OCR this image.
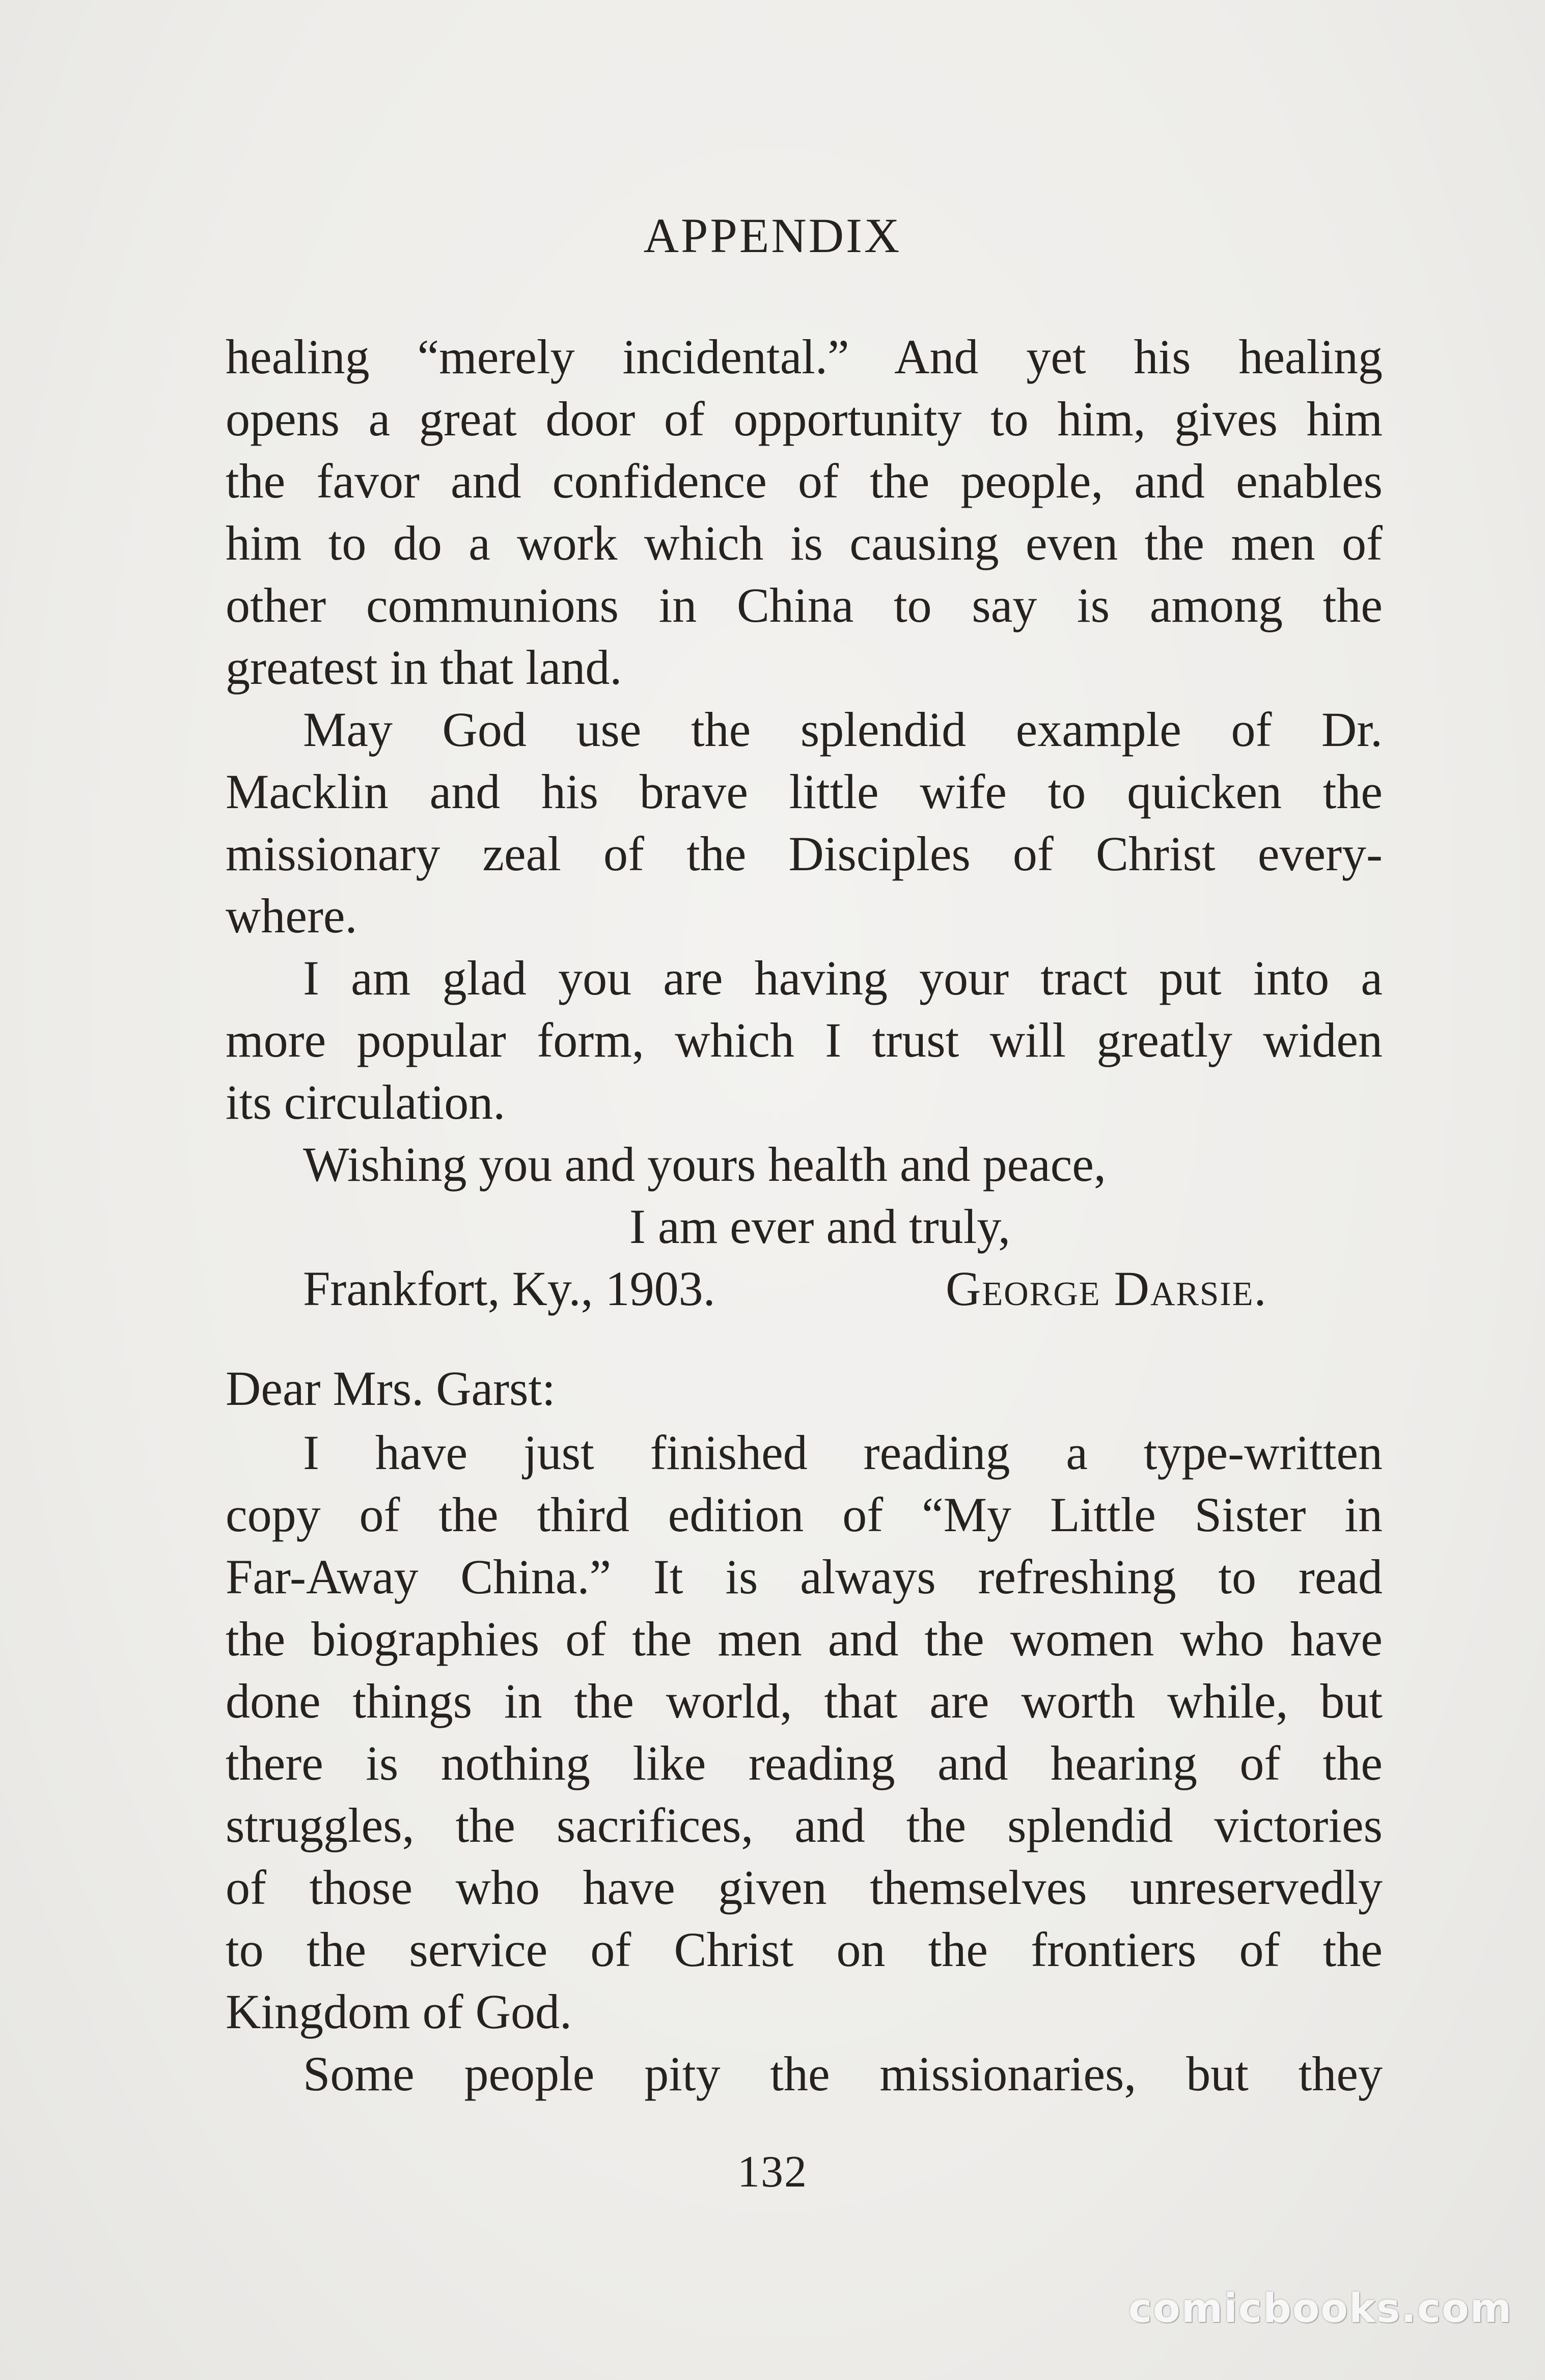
APPENDIX
healing “merely incidental.” And yet his healing
opens a great door of opportunity to him, gives him
the favor and confidence of the people, and enables
him to do a work which is causing even the men of
other communions in China to say is among the
greatest in that land.
May God use the splendid example of Dr.
Macklin and his brave little wife to quicken the
missionary zeal of the Disciples of Christ every-
where.
I am glad you are having your tract put into a
more popular form, which I trust will greatly widen
its circulation.
Wishing you and yours health and peace,
I am ever and truly,
Frankfort, Ky., 1903.	George Darsie.
Dear Mrs. Garst:
I have just finished reading a type-written
copy of the third edition of “My Little Sister in
Far-Away China.” It is always refreshing to read
the biographies of the men and the women who have
done things in the world, that are worth while, but
there is nothing like reading and hearing of the
struggles, the sacrifices, and the splendid victories
of those who have given themselves unreservedly
to the service of Christ on the frontiers of the
Kingdom of God.
Some people pity the missionaries, but they
132
comicbooks.com
